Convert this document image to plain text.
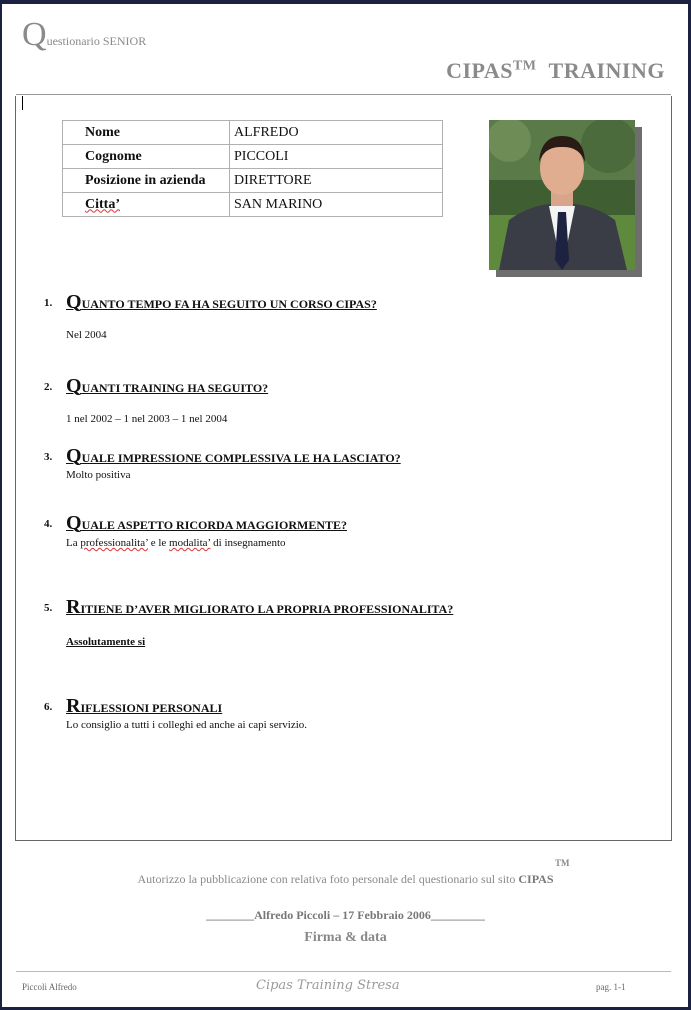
Questionario SENIOR
CIPAS™ TRAINING
Nome	ALFREDO
Cognome	PICCOLI
Posizione in azienda	DIRETTORE
Citta’	SAN MARINO
1. QUANTO TEMPO FA HA SEGUITO UN CORSO CIPAS?
Nel 2004
2. QUANTI TRAINING HA SEGUITO?
1 nel 2002 – 1 nel 2003 – 1 nel 2004
3. QUALE IMPRESSIONE COMPLESSIVA LE HA LASCIATO?
Molto positiva
4. QUALE ASPETTO RICORDA MAGGIORMENTE?
La professionalita’ e le modalita’ di insegnamento
5. RITIENE D’AVER MIGLIORATO LA PROPRIA PROFESSIONALITA?
Assolutamente si
6. RIFLESSIONI PERSONALI
Lo consiglio a tutti i colleghi ed anche ai capi servizio.
Autorizzo la pubblicazione con relativa foto personale del questionario sul sito CIPAS
TM
________Alfredo Piccoli – 17 Febbraio 2006_________
Firma & data
Piccoli Alfredo	Cipas Training Stresa	pag. 1-1
